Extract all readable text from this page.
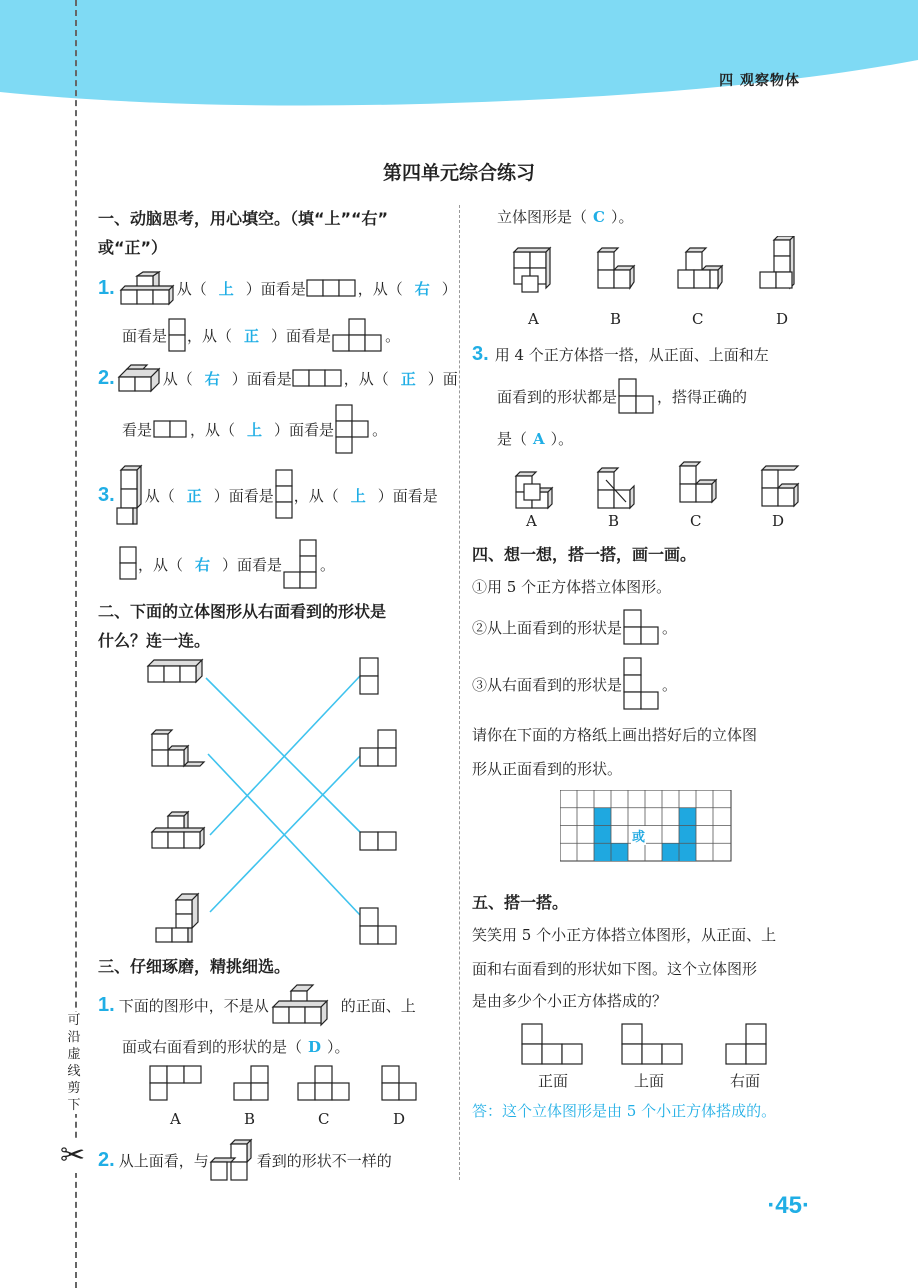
四 观察物体
可沿虚线剪下
✂
第四单元综合练习
一、动脑思考，用心填空。（填“上”“右”
或“正”）
1.	从（ 上 ）面看是	，从（ 右 ）
面看是 ，从（ 正 ）面看是	。
2.	从（ 右 ）面看是	，从（ 正 ）面
看是	，从（ 上 ）面看是	。
3. 从（ 正 ）面看是 ，从（ 上 ）面看是
，从（ 右 ）面看是	。
二、下面的立体图形从右面看到的形状是
什么？连一连。
三、仔细琢磨，精挑细选。
1. 下面的图形中，不是从	的正面、上
面或右面看到的形状的是（ D ）。
A	B	C	D
2. 从上面看，与	看到的形状不一样的
立体图形是（ C ）。
A	B	C	D
3. 用 4 个正方体搭一搭，从正面、上面和左
面看到的形状都是	，搭得正确的
是（ A ）。
A	B	C	D
四、想一想，搭一搭，画一画。
①用 5 个正方体搭立体图形。
②从上面看到的形状是	。
③从右面看到的形状是	。
请你在下面的方格纸上画出搭好后的立体图
形从正面看到的形状。
或
五、搭一搭。
笑笑用 5 个小正方体搭立体图形，从正面、上
面和右面看到的形状如下图。这个立体图形
是由多少个小正方体搭成的？
正面	上面	右面
答：这个立体图形是由 5 个小正方体搭成的。
·45·
